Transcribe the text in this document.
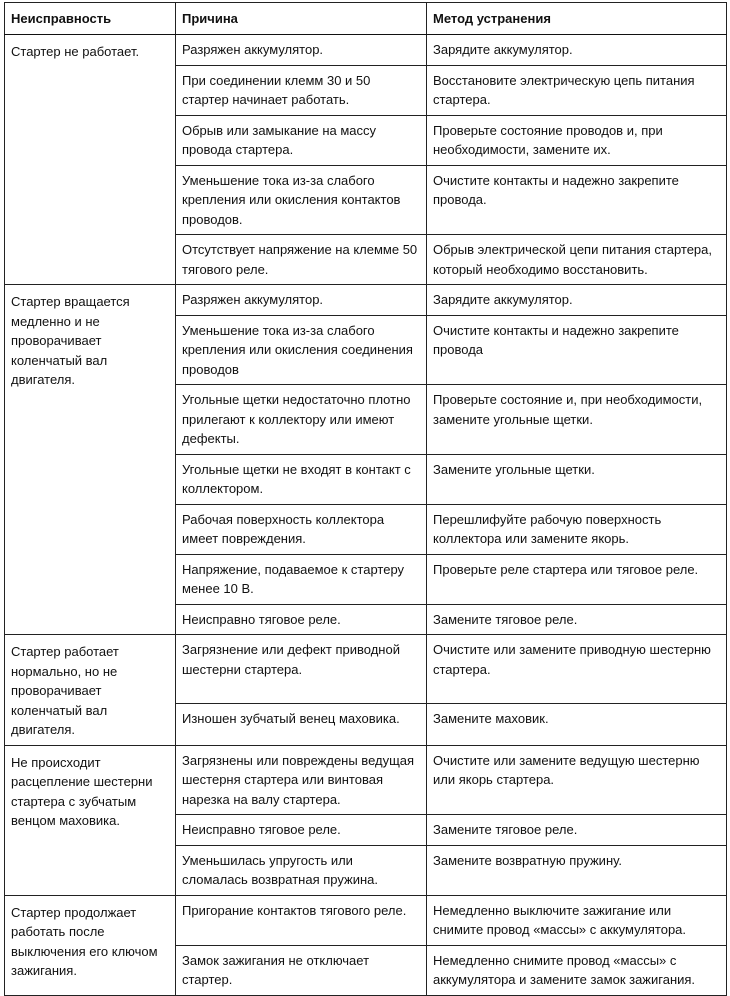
Неисправность	Причина	Метод устранения
Стартер не работает.	Разряжен аккумулятор.	Зарядите аккумулятор.
	При соединении клемм 30 и 50 стартер начинает работать.	Восстановите электрическую цепь питания стартера.
	Обрыв или замыкание на массу провода стартера.	Проверьте состояние проводов и, при необходимости, замените их.
	Уменьшение тока из-за слабого крепления или окисления контактов проводов.	Очистите контакты и надежно закрепите провода.
	Отсутствует напряжение на клемме 50 тягового реле.	Обрыв электрической цепи питания стартера, который необходимо восстановить.
Стартер вращается медленно и не проворачивает коленчатый вал двигателя.	Разряжен аккумулятор.	Зарядите аккумулятор.
	Уменьшение тока из-за слабого крепления или окисления соединения проводов	Очистите контакты и надежно закрепите провода
	Угольные щетки недостаточно плотно прилегают к коллектору или имеют дефекты.	Проверьте состояние и, при необходимости, замените угольные щетки.
	Угольные щетки не входят в контакт с коллектором.	Замените угольные щетки.
	Рабочая поверхность коллектора имеет повреждения.	Перешлифуйте рабочую поверхность коллектора или замените якорь.
	Напряжение, подаваемое к стартеру менее 10 В.	Проверьте реле стартера или тяговое реле.
	Неисправно тяговое реле.	Замените тяговое реле.
Стартер работает нормально, но не проворачивает коленчатый вал двигателя.	Загрязнение или дефект приводной шестерни стартера.	Очистите или замените приводную шестерню стартера.
	Изношен зубчатый венец маховика.	Замените маховик.
Не происходит расцепление шестерни стартера с зубчатым венцом маховика.	Загрязнены или повреждены ведущая шестерня стартера или винтовая нарезка на валу стартера.	Очистите или замените ведущую шестерню или якорь стартера.
	Неисправно тяговое реле.	Замените тяговое реле.
	Уменьшилась упругость или сломалась возвратная пружина.	Замените возвратную пружину.
Стартер продолжает работать после выключения его ключом зажигания.	Пригорание контактов тягового реле.	Немедленно выключите зажигание или снимите провод «массы» с аккумулятора.
	Замок зажигания не отключает стартер.	Немедленно снимите провод «массы» с аккумулятора и замените замок зажигания.
